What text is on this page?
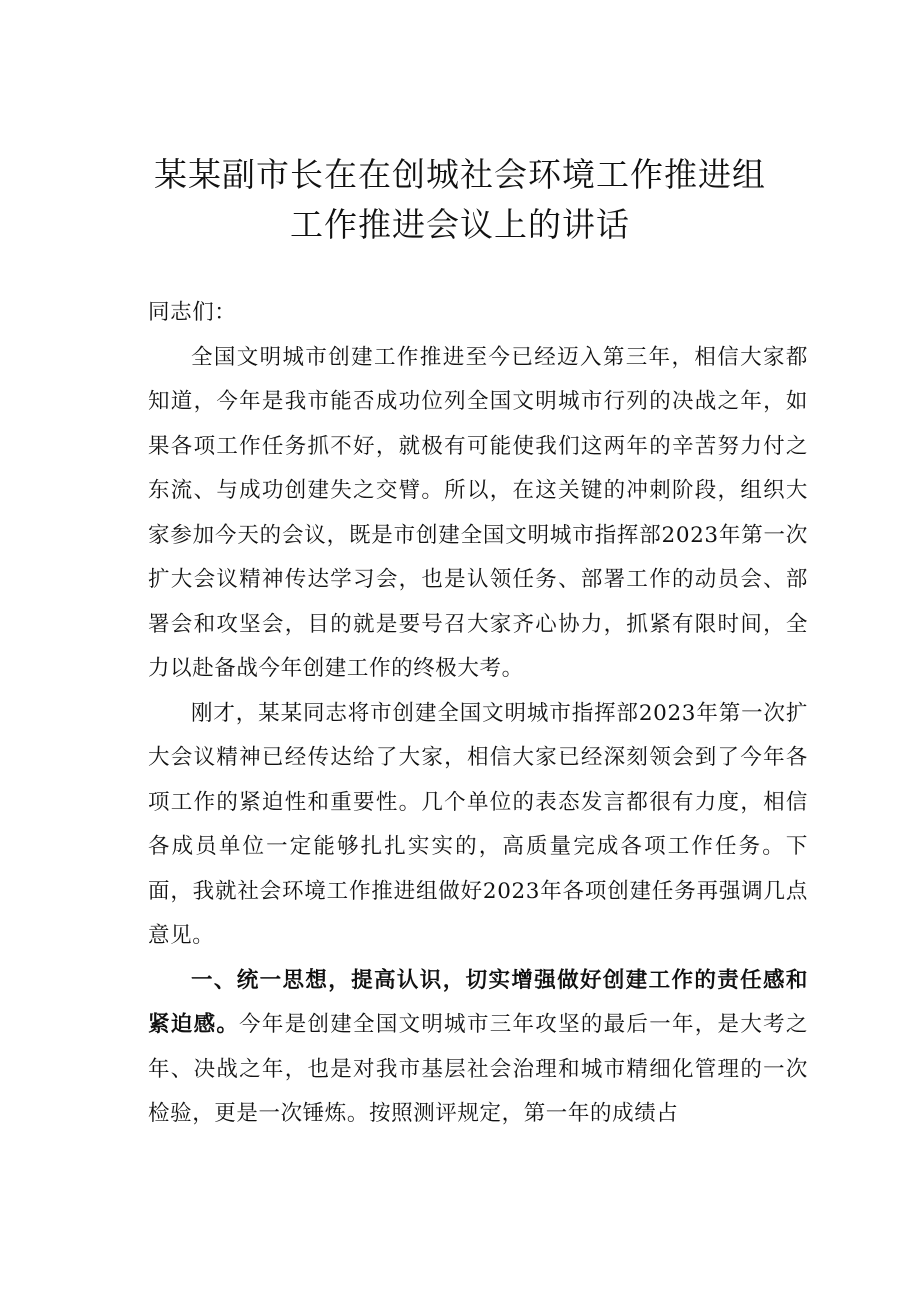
某某副市长在在创城社会环境工作推进组
工作推进会议上的讲话

同志们：

全国文明城市创建工作推进至今已经迈入第三年，相信大家都知道，今年是我市能否成功位列全国文明城市行列的决战之年，如果各项工作任务抓不好，就极有可能使我们这两年的辛苦努力付之东流、与成功创建失之交臂。所以，在这关键的冲刺阶段，组织大家参加今天的会议，既是市创建全国文明城市指挥部2023年第一次扩大会议精神传达学习会，也是认领任务、部署工作的动员会、部署会和攻坚会，目的就是要号召大家齐心协力，抓紧有限时间，全力以赴备战今年创建工作的终极大考。

刚才，某某同志将市创建全国文明城市指挥部2023年第一次扩大会议精神已经传达给了大家，相信大家已经深刻领会到了今年各项工作的紧迫性和重要性。几个单位的表态发言都很有力度，相信各成员单位一定能够扎扎实实的，高质量完成各项工作任务。下面，我就社会环境工作推进组做好2023年各项创建任务再强调几点意见。

一、统一思想，提高认识，切实增强做好创建工作的责任感和紧迫感。今年是创建全国文明城市三年攻坚的最后一年，是大考之年、决战之年，也是对我市基层社会治理和城市精细化管理的一次检验，更是一次锤炼。按照测评规定，第一年的成绩占
